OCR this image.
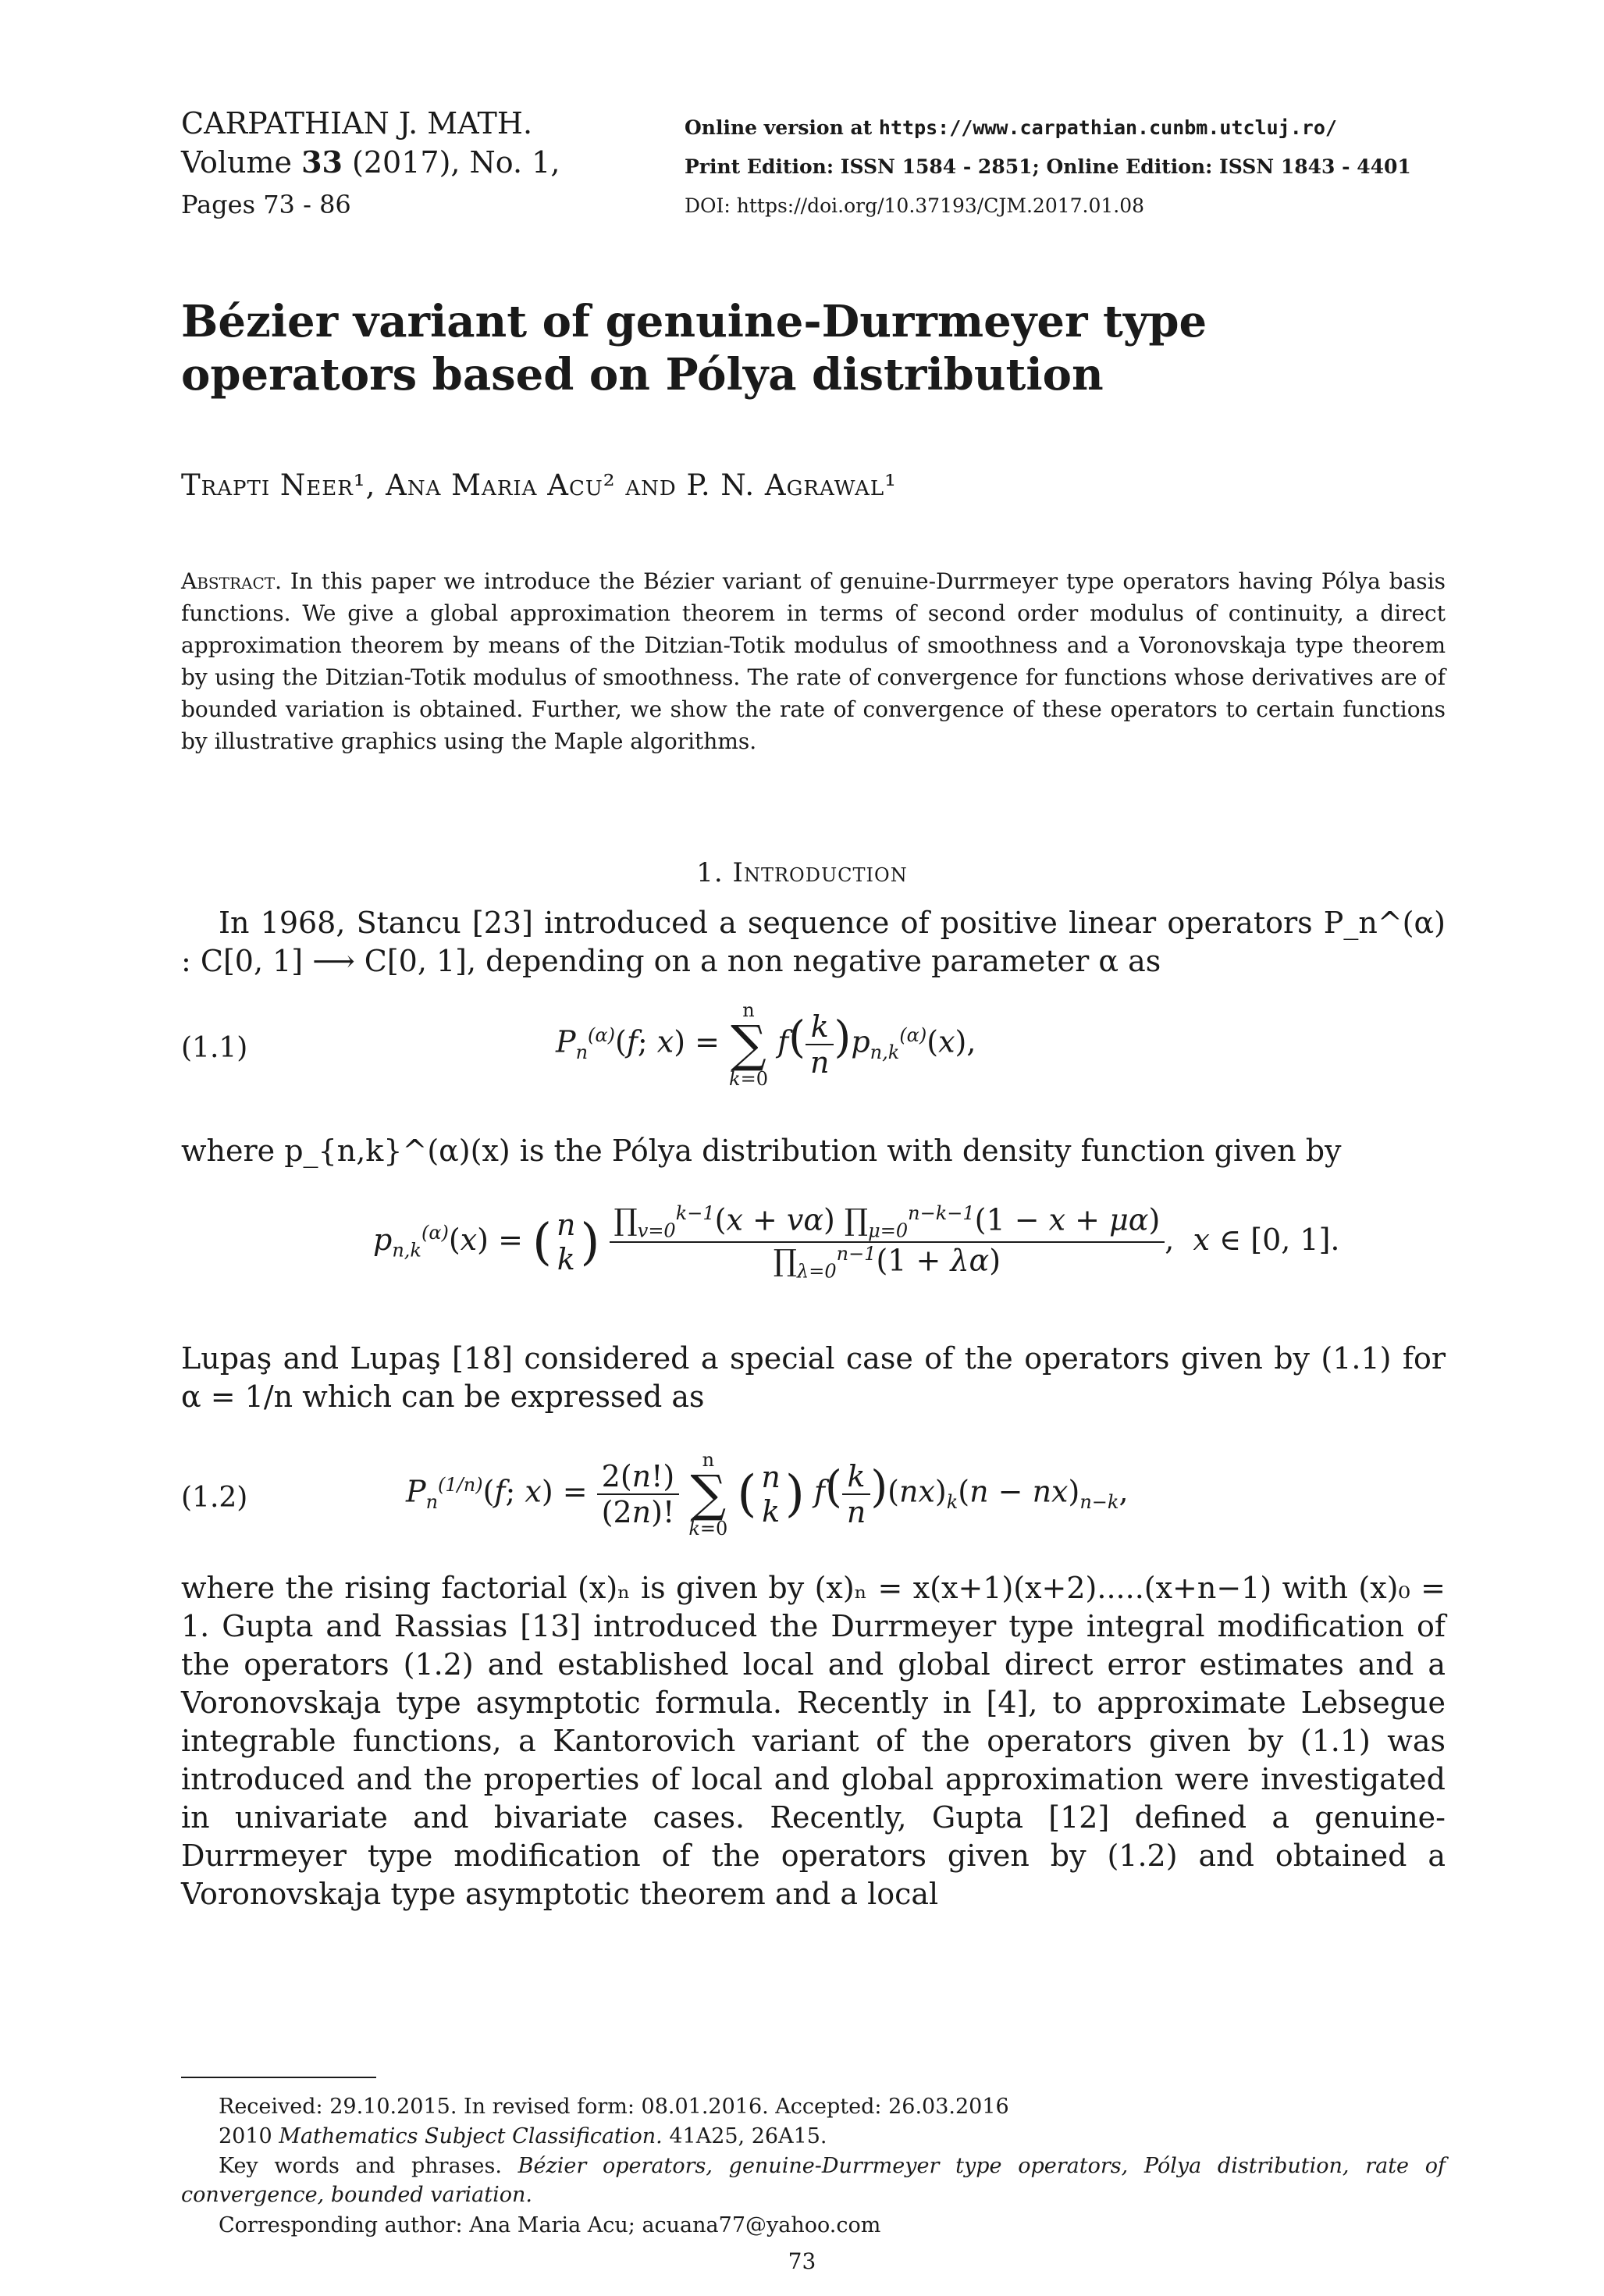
CARPATHIAN J. MATH.
Volume 33 (2017), No. 1,
Pages 73 - 86
Online version at https://www.carpathian.cunbm.utcluj.ro/
Print Edition: ISSN 1584 - 2851; Online Edition: ISSN 1843 - 4401
DOI: https://doi.org/10.37193/CJM.2017.01.08
Bézier variant of genuine-Durrmeyer type operators based on Pólya distribution
Trapti Neer¹, Ana Maria Acu² and P. N. Agrawal¹
Abstract. In this paper we introduce the Bézier variant of genuine-Durrmeyer type operators having Pólya basis functions. We give a global approximation theorem in terms of second order modulus of continuity, a direct approximation theorem by means of the Ditzian-Totik modulus of smoothness and a Voronovskaja type theorem by using the Ditzian-Totik modulus of smoothness. The rate of convergence for functions whose derivatives are of bounded variation is obtained. Further, we show the rate of convergence of these operators to certain functions by illustrative graphics using the Maple algorithms.
1. Introduction
In 1968, Stancu [23] introduced a sequence of positive linear operators P_n^(α) : C[0, 1] ⟶ C[0, 1], depending on a non negative parameter α as
(1.1)	$P_n^{(\alpha)}(f$; x) =
n
∑
k=0
$f( \frac{k}{n} )p_{n,k}^{(\alpha)}(x)$,
where p_{n,k}^(α)(x) is the Pólya distribution with density function given by
$p_{n,k}^{(\alpha)}(x)$ = ( n
k ) $\frac{\prod_{v=0}^{k-1}(x + v\alpha) \prod_{\mu=0}^{n-k-1}(1 - x + \mu\alpha)}{\prod_{\lambda=0}^{n-1}(1 + \lambda\alpha)}$ ,  x ∈ [0, 1].
Lupaş and Lupaş [18] considered a special case of the operators given by (1.1) for α = 1/n which can be expressed as
(1.2)	$P_n^{(1/n)}(f$; $x) = \frac{2(n!)}{(2n)!}$
	n
∑
k=0
( n
k ) $f( \frac{k}{n} )(nx)_k(n - nx)_{n-k}$,
where the rising factorial (x)ₙ is given by (x)ₙ = x(x+1)(x+2).....(x+n−1) with (x)₀ = 1. Gupta and Rassias [13] introduced the Durrmeyer type integral modification of the operators (1.2) and established local and global direct error estimates and a Voronovskaja type asymptotic formula. Recently in [4], to approximate Lebsegue integrable functions, a Kantorovich variant of the operators given by (1.1) was introduced and the properties of local and global approximation were investigated in univariate and bivariate cases. Recently, Gupta [12] defined a genuine-Durrmeyer type modification of the operators given by (1.2) and obtained a Voronovskaja type asymptotic theorem and a local
Received: 29.10.2015. In revised form: 08.01.2016. Accepted: 26.03.2016
2010 Mathematics Subject Classification. 41A25, 26A15.
Key words and phrases. Bézier operators, genuine-Durrmeyer type operators, Pólya distribution, rate of convergence, bounded variation.
Corresponding author: Ana Maria Acu; acuana77@yahoo.com
73
